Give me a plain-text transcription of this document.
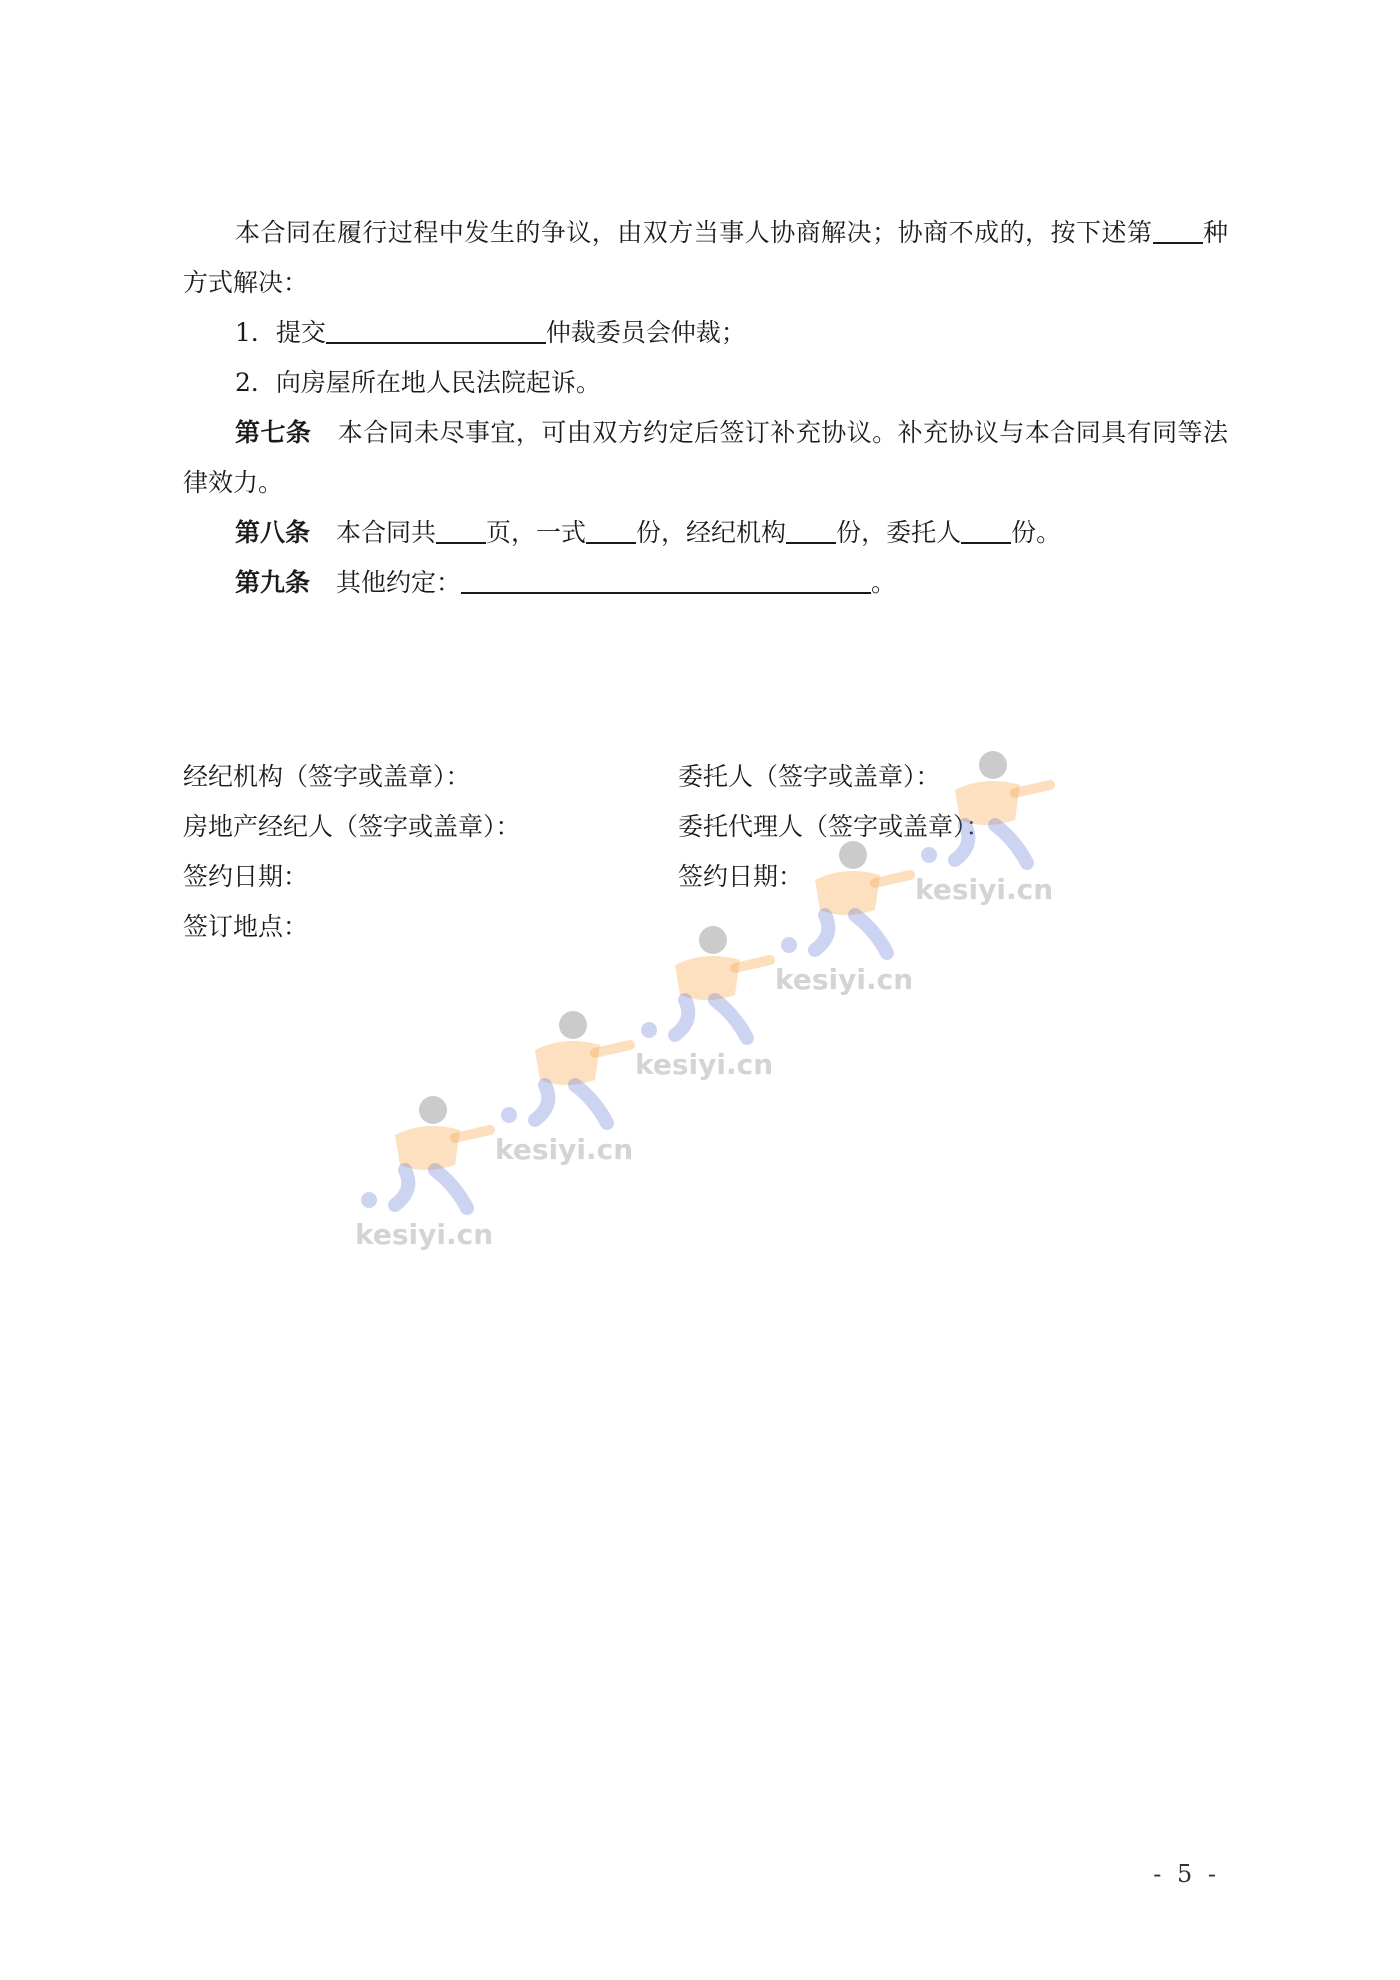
本合同在履行过程中发生的争议，由双方当事人协商解决；协商不成的，按下述第 种方式解决：

1．提交	仲裁委员会仲裁；

2．向房屋所在地人民法院起诉。

第七条 本合同未尽事宜，可由双方约定后签订补充协议。补充协议与本合同具有同等法律效力。

第八条 本合同共 页，一式 份，经纪机构 份，委托人 份。

第九条 其他约定：	。

经纪机构（签字或盖章）：	委托人（签字或盖章）：
房地产经纪人（签字或盖章）：	委托代理人（签字或盖章）：
签约日期：	签约日期：
签订地点：
- 5 -
kesiyi.cn
kesiyi.cn
kesiyi.cn
kesiyi.cn
kesiyi.cn
